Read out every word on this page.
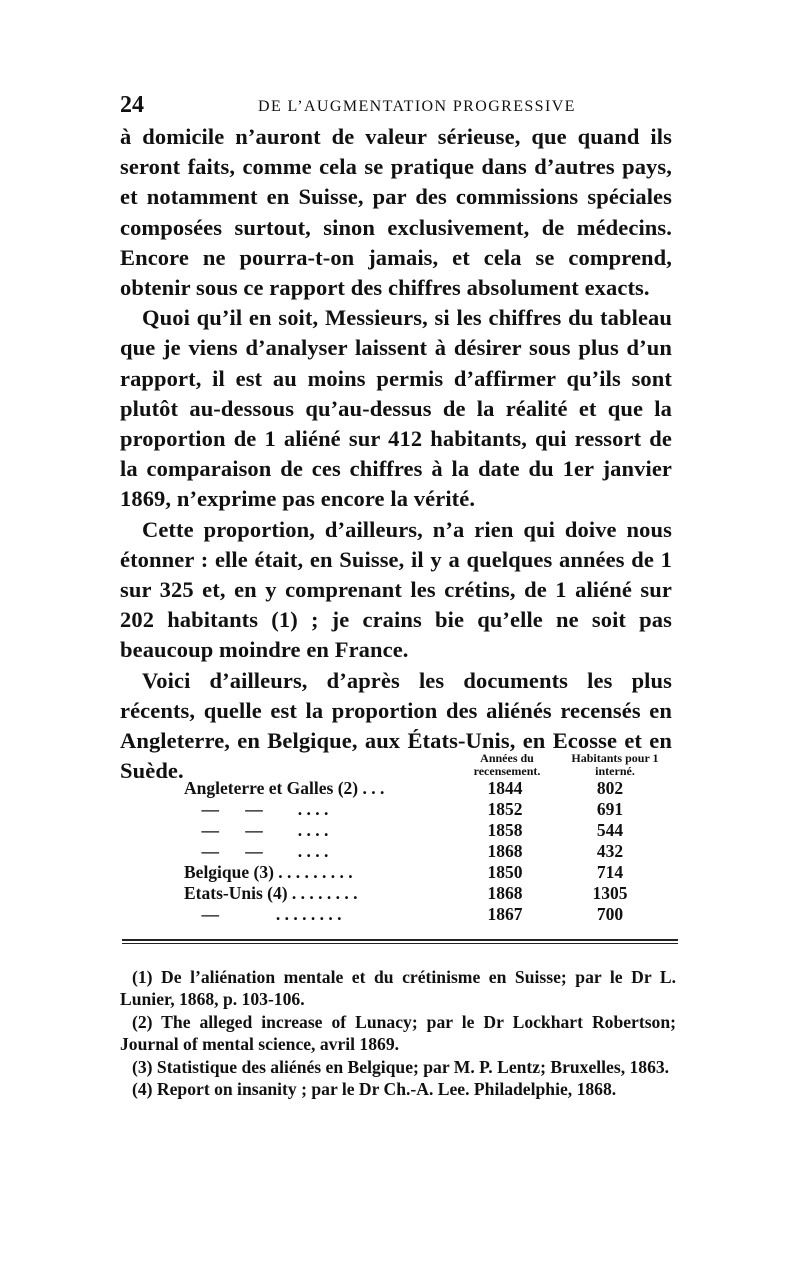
24	DE L’AUGMENTATION PROGRESSIVE

à domicile n’auront de valeur sérieuse, que quand ils seront faits, comme cela se pratique dans d’autres pays, et notamment en Suisse, par des commissions spéciales composées surtout, sinon exclusivement, de médecins. Encore ne pourra-t-on jamais, et cela se comprend, obtenir sous ce rapport des chiffres absolument exacts.

Quoi qu’il en soit, Messieurs, si les chiffres du tableau que je viens d’analyser laissent à désirer sous plus d’un rapport, il est au moins permis d’affirmer qu’ils sont plutôt au-dessous qu’au-dessus de la réalité et que la proportion de 1 aliéné sur 412 habitants, qui ressort de la comparaison de ces chiffres à la date du 1er janvier 1869, n’exprime pas encore la vérité.

Cette proportion, d’ailleurs, n’a rien qui doive nous étonner : elle était, en Suisse, il y a quelques années de 1 sur 325 et, en y comprenant les crétins, de 1 aliéné sur 202 habitants (1) ; je crains bie qu’elle ne soit pas beaucoup moindre en France.

Voici d’ailleurs, d’après les documents les plus récents, quelle est la proportion des aliénés recensés en Angleterre, en Belgique, aux États-Unis, en Ecosse et en Suède.

Années du recensement.
Habitants pour 1 interné.
Angleterre et Galles (2) . . .	1844	802
—      —        . . . .	1852	691
—      —        . . . .	1858	544
—      —        . . . .	1868	432
Belgique (3) . . . . . . . . .	1850	714
Etats-Unis (4) . . . . . . . .	1868	1305
—             . . . . . . . .	1867	700

(1) De l’aliénation mentale et du crétinisme en Suisse; par le Dr L. Lunier, 1868, p. 103-106.

(2) The alleged increase of Lunacy; par le Dr Lockhart Robertson; Journal of mental science, avril 1869.

(3) Statistique des aliénés en Belgique; par M. P. Lentz; Bruxelles, 1863.

(4) Report on insanity ; par le Dr Ch.-A. Lee. Philadelphie, 1868.
